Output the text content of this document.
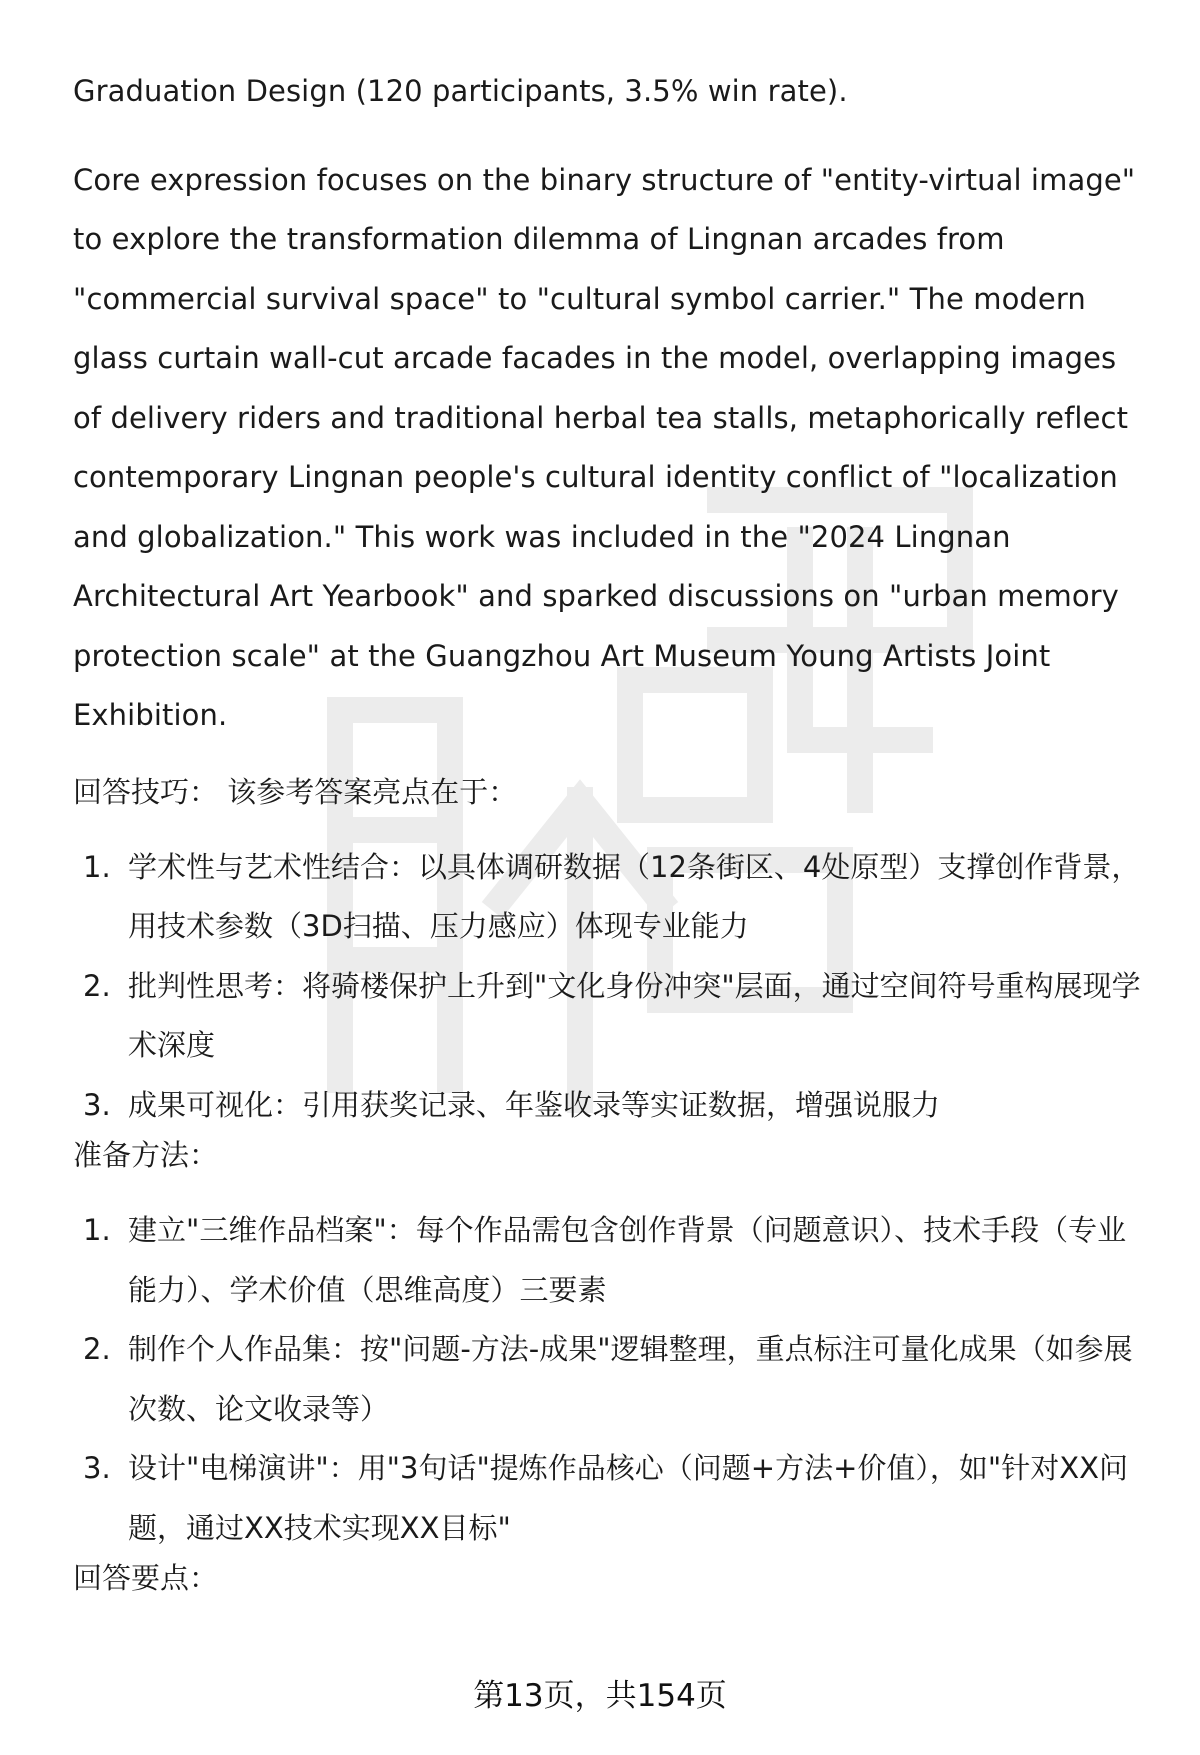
Graduation Design (120 participants, 3.5% win rate).

Core expression focuses on the binary structure of "entity-virtual image" to explore the transformation dilemma of Lingnan arcades from "commercial survival space" to "cultural symbol carrier." The modern glass curtain wall-cut arcade facades in the model, overlapping images of delivery riders and traditional herbal tea stalls, metaphorically reflect contemporary Lingnan people's cultural identity conflict of "localization and globalization." This work was included in the "2024 Lingnan Architectural Art Yearbook" and sparked discussions on "urban memory protection scale" at the Guangzhou Art Museum Young Artists Joint Exhibition.

回答技巧： 该参考答案亮点在于：

1. 学术性与艺术性结合：以具体调研数据（12条街区、4处原型）支撑创作背景，用技术参数（3D扫描、压力感应）体现专业能力
2. 批判性思考：将骑楼保护上升到"文化身份冲突"层面，通过空间符号重构展现学术深度
3. 成果可视化：引用获奖记录、年鉴收录等实证数据，增强说服力

准备方法：

1. 建立"三维作品档案"：每个作品需包含创作背景（问题意识）、技术手段（专业能力）、学术价值（思维高度）三要素
2. 制作个人作品集：按"问题-方法-成果"逻辑整理，重点标注可量化成果（如参展次数、论文收录等）
3. 设计"电梯演讲"：用"3句话"提炼作品核心（问题+方法+价值），如"针对XX问题，通过XX技术实现XX目标"

回答要点：

第13页，共154页
